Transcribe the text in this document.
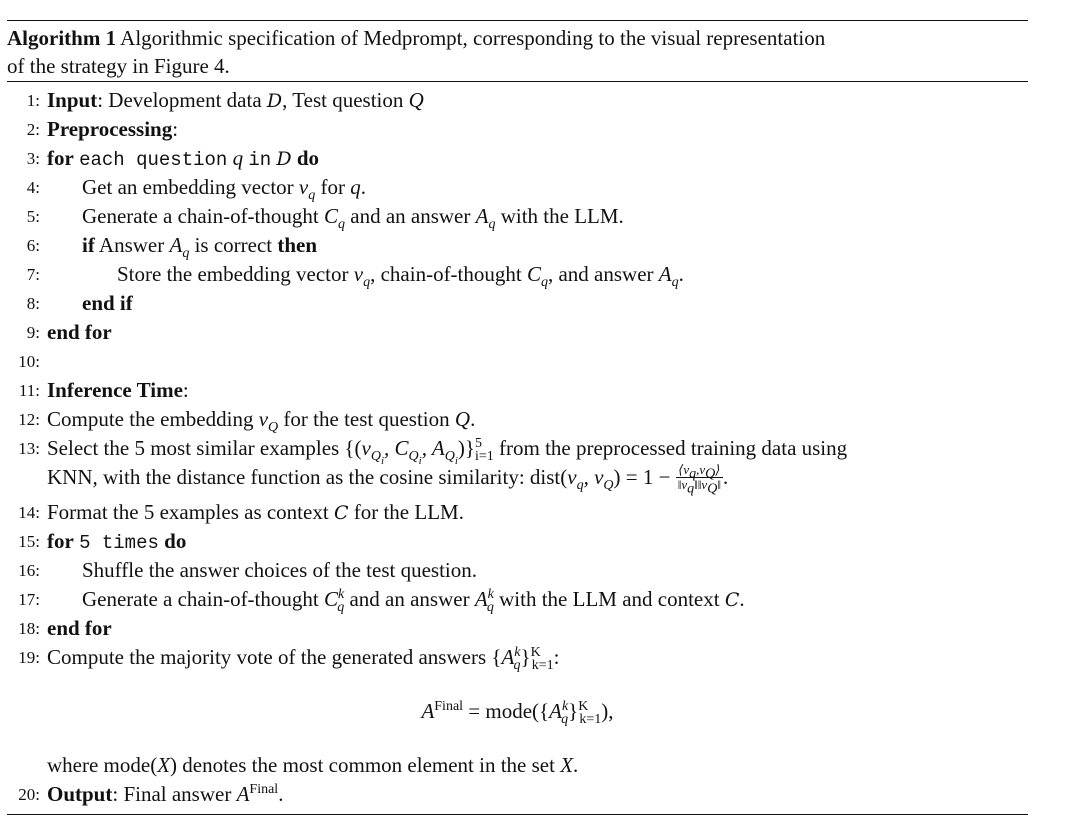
Algorithm 1 Algorithmic specification of Medprompt, corresponding to the visual representation
of the strategy in Figure 4.
1: Input: Development data D, Test question Q
2: Preprocessing:
3: for each question q in D do
4: Get an embedding vector $v_q$ for q.
5: Generate a chain-of-thought $C_q$ and an answer $A_q$ with the LLM.
6: if Answer $A_q$ is correct then
7:	Store the embedding vector $v_q$, chain-of-thought $C_q$, and answer $A_q$.
8: end if
9: end for
10:
11: Inference Time:
12: Compute the embedding $v_Q$ for the test question Q.
13: Select the 5 most similar examples {($v_{Q_i}$, $C_{Q_i}$, $A_{Q_i})\}^5_{i=1}$ from the preprocessed training data using
KNN, with the distance function as the cosine similarity: $dist(v_q$, $v_Q) = 1 - \frac{⟨v_q,v_Q⟩}{‖v_q‖‖v_Q‖}$ .
14: Format the 5 examples as context C for the LLM.
15: for 5 times do
16: Shuffle the answer choices of the test question.
17: Generate a chain-of-thought $C^k_q$ and an answer $A^k_q$ with the LLM and context C.
18: end for
19: Compute the majority vote of the generated answers $\{A^k_q\}^K_{k=1}$:
$A^{Final}$ = $mode(\{A^k_q\}^K_{k=1})$,
where mode(X) denotes the most common element in the set X.
20: Output: Final answer $A^{Final}$.
